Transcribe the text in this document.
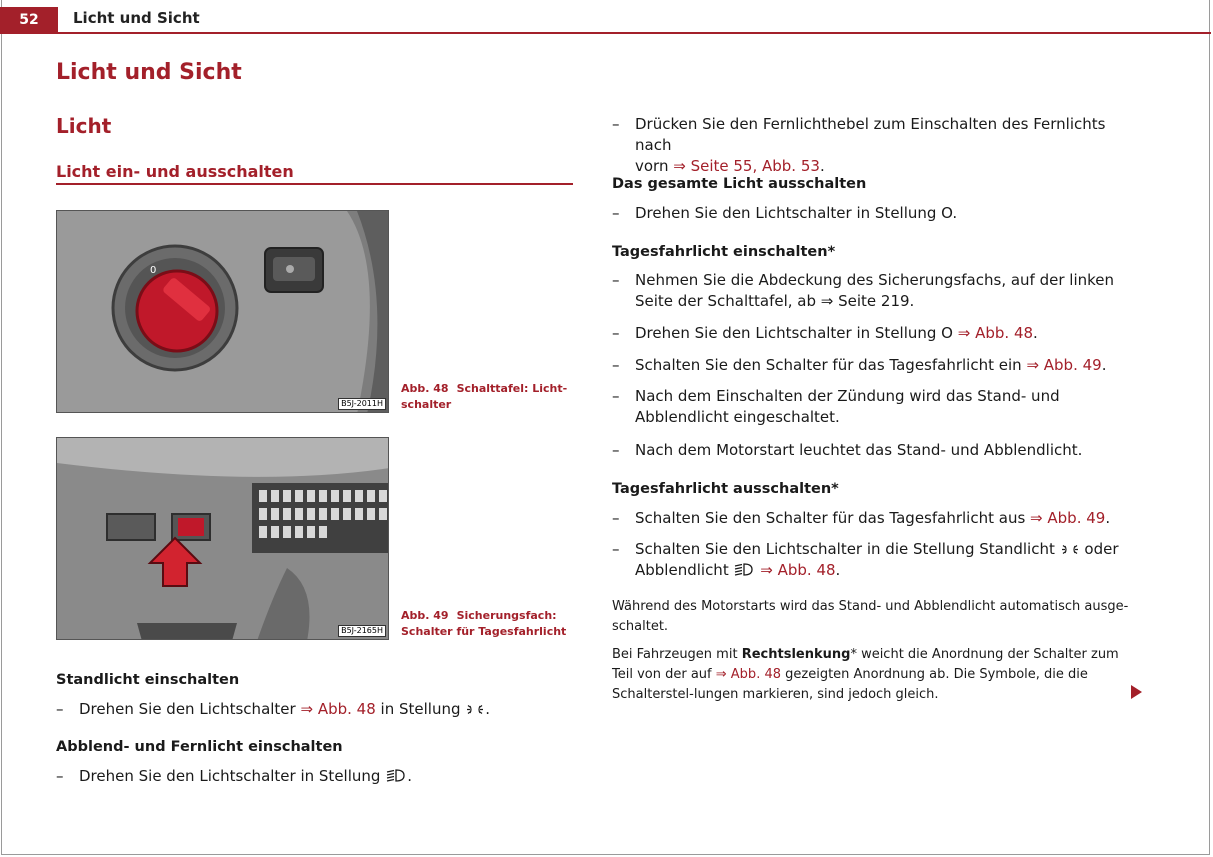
52	Licht und Sicht
Licht und Sicht
Licht
Licht ein- und ausschalten
0
B5J-2011H
Abb. 48 Schalttafel: Licht-schalter
B5J-2165H
Abb. 49 Sicherungsfach: Schalter für Tagesfahrlicht
Standlicht einschalten
–	Drehen Sie den Lichtschalter ⇒ Abb. 48 in Stellung .
Abblend- und Fernlicht einschalten
–	Drehen Sie den Lichtschalter in Stellung .
–	Drücken Sie den Fernlichthebel zum Einschalten des Fernlichts nach
vorn ⇒ Seite 55, Abb. 53.
Das gesamte Licht ausschalten
–	Drehen Sie den Lichtschalter in Stellung O.
Tagesfahrlicht einschalten*
–	Nehmen Sie die Abdeckung des Sicherungsfachs, auf der linken Seite der Schalttafel, ab ⇒ Seite 219.
–	Drehen Sie den Lichtschalter in Stellung O ⇒ Abb. 48.
–	Schalten Sie den Schalter für das Tagesfahrlicht ein ⇒ Abb. 49.
–	Nach dem Einschalten der Zündung wird das Stand- und Abblendlicht eingeschaltet.
–	Nach dem Motorstart leuchtet das Stand- und Abblendlicht.
Tagesfahrlicht ausschalten*
–	Schalten Sie den Schalter für das Tagesfahrlicht aus ⇒ Abb. 49.
–	Schalten Sie den Lichtschalter in die Stellung Standlicht oder
Abblendlicht ⇒ Abb. 48.
Während des Motorstarts wird das Stand- und Abblendlicht automatisch ausge-schaltet.
Bei Fahrzeugen mit Rechtslenkung* weicht die Anordnung der Schalter zum Teil von der auf ⇒ Abb. 48 gezeigten Anordnung ab. Die Symbole, die die Schalterstel-lungen markieren, sind jedoch gleich.
